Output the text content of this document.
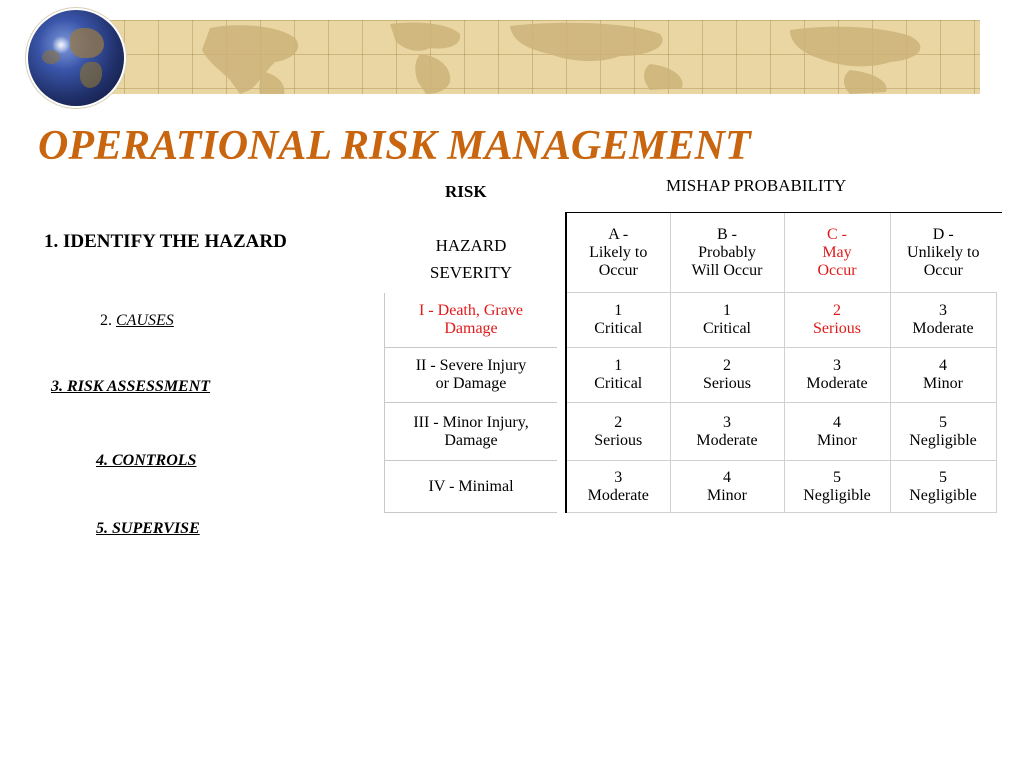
OPERATIONAL RISK MANAGEMENT
RISK	MISHAP PROBABILITY
1. IDENTIFY THE HAZARD
2. CAUSES
3. RISK ASSESSMENT
4. CONTROLS
5. SUPERVISE
HAZARD
SEVERITY

		A -
Likely to
Occur	B -
Probably
Will Occur	C -
May
Occur	D -
Unlikely to
Occur

I - Death, Grave
Damage		1
Critical	1
Critical	2
Serious	3
Moderate

II - Severe Injury
or Damage		1
Critical	2
Serious	3
Moderate	4
Minor

III - Minor Injury,
Damage		2
Serious	3
Moderate	4
Minor	5
Negligible

IV - Minimal		3
Moderate	4
Minor	5
Negligible	5
Negligible
